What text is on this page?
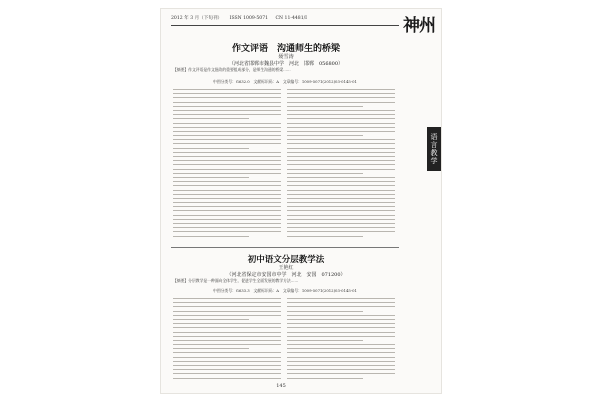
2012 年 3 月（下旬刊） ISSN 1009-5071 CN 11-4481/I	神州
语言教学
作文评语　沟通师生的桥梁
聂雪涛
（河北省邯郸市魏县中学　河北　邯郸　056800）
【摘要】作文评语是作文批改的重要组成部分，是师生沟通的桥梁……
中图分类号：G632.0　文献标识码：A　文章编号：1009-5071(2012)03-0145-01
初中语文分层教学法
王艳红
（河北省保定市安国市中学　河北　安国　071200）
【摘要】分层教学是一种面向全体学生、促进学生全面发展的教学方法……
中图分类号：G633.3　文献标识码：A　文章编号：1009-5071(2012)03-0145-01
145
